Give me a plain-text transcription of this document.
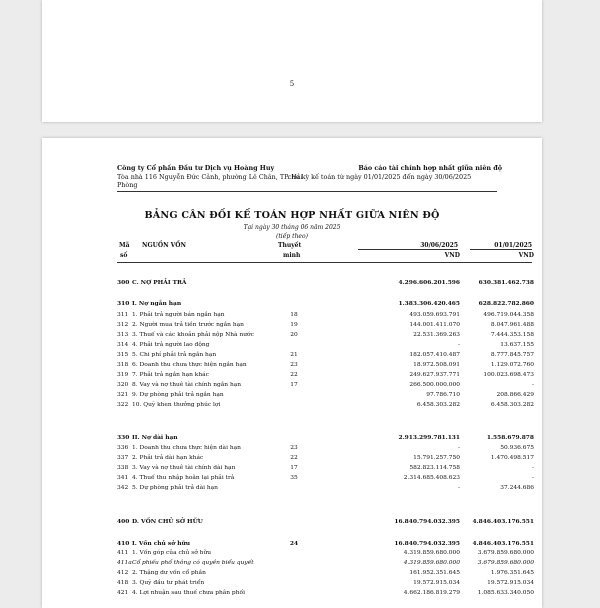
5
Công ty Cổ phần Đầu tư Dịch vụ Hoàng Huy	Báo cáo tài chính hợp nhất giữa niên độ
Tòa nhà 116 Nguyễn Đức Cảnh, phường Lê Chân, TP. Hải
cho kỳ kế toán từ ngày 01/01/2025 đến ngày 30/06/2025
Phòng
BẢNG CÂN ĐỐI KẾ TOÁN HỢP NHẤT GIỮA NIÊN ĐỘ
Tại ngày 30 tháng 06 năm 2025
(tiếp theo)
Mã
số
NGUỒN VỐN	Thuyết
minh
30/06/2025
VND
01/01/2025
VND
300 C. NỢ PHẢI TRẢ	4.296.606.201.596	630.381.462.738
310 I. Nợ ngắn hạn	1.383.306.420.465	628.822.782.860
311 1. Phải trả người bán ngắn hạn	18	493.059.693.791	496.719.044.358
312 2. Người mua trả tiền trước ngắn hạn	19	144.001.411.070	8.047.961.488
313 3. Thuế và các khoản phải nộp Nhà nước	20	22.531.369.263	7.444.353.158
314 4. Phải trả người lao động	-	13.637.155
315 5. Chi phí phải trả ngắn hạn	21	182.057.410.487	8.777.845.757
318 6. Doanh thu chưa thực hiện ngắn hạn	23	18.972.508.091	1.129.072.760
319 7. Phải trả ngắn hạn khác	22	249.627.937.771	100.023.698.473
320 8. Vay và nợ thuê tài chính ngắn hạn	17	266.500.000.000	-
321 9. Dự phòng phải trả ngắn hạn	97.786.710	208.866.429
322 10. Quỹ khen thưởng phúc lợi	6.458.303.282	6.458.303.282
330 II. Nợ dài hạn	2.913.299.781.131	1.558.679.878
336 1. Doanh thu chưa thực hiện dài hạn	23	-	50.936.675
337 2. Phải trả dài hạn khác	22	15.791.257.750	1.470.498.517
338 3. Vay và nợ thuê tài chính dài hạn	17	582.823.114.758	-
341 4. Thuế thu nhập hoãn lại phải trả	35	2.314.685.408.623	-
342 5. Dự phòng phải trả dài hạn	-	37.244.686
400 D. VỐN CHỦ SỞ HỮU	16.840.794.032.395 4.846.403.176.551
410 I. Vốn chủ sở hữu	24	16.840.794.032.395 4.846.403.176.551
411 1. Vốn góp của chủ sở hữu	4.319.859.680.000	3.679.859.680.000
411a Cổ phiếu phổ thông có quyền biểu quyết	4.319.859.680.000	3.679.859.680.000
412 2. Thặng dư vốn cổ phần	161.952.351.645	1.976.351.645
418 3. Quỹ đầu tư phát triển	19.572.915.034	19.572.915.034
421 4. Lợi nhuận sau thuế chưa phân phối	4.662.186.819.279	1.085.633.340.050
